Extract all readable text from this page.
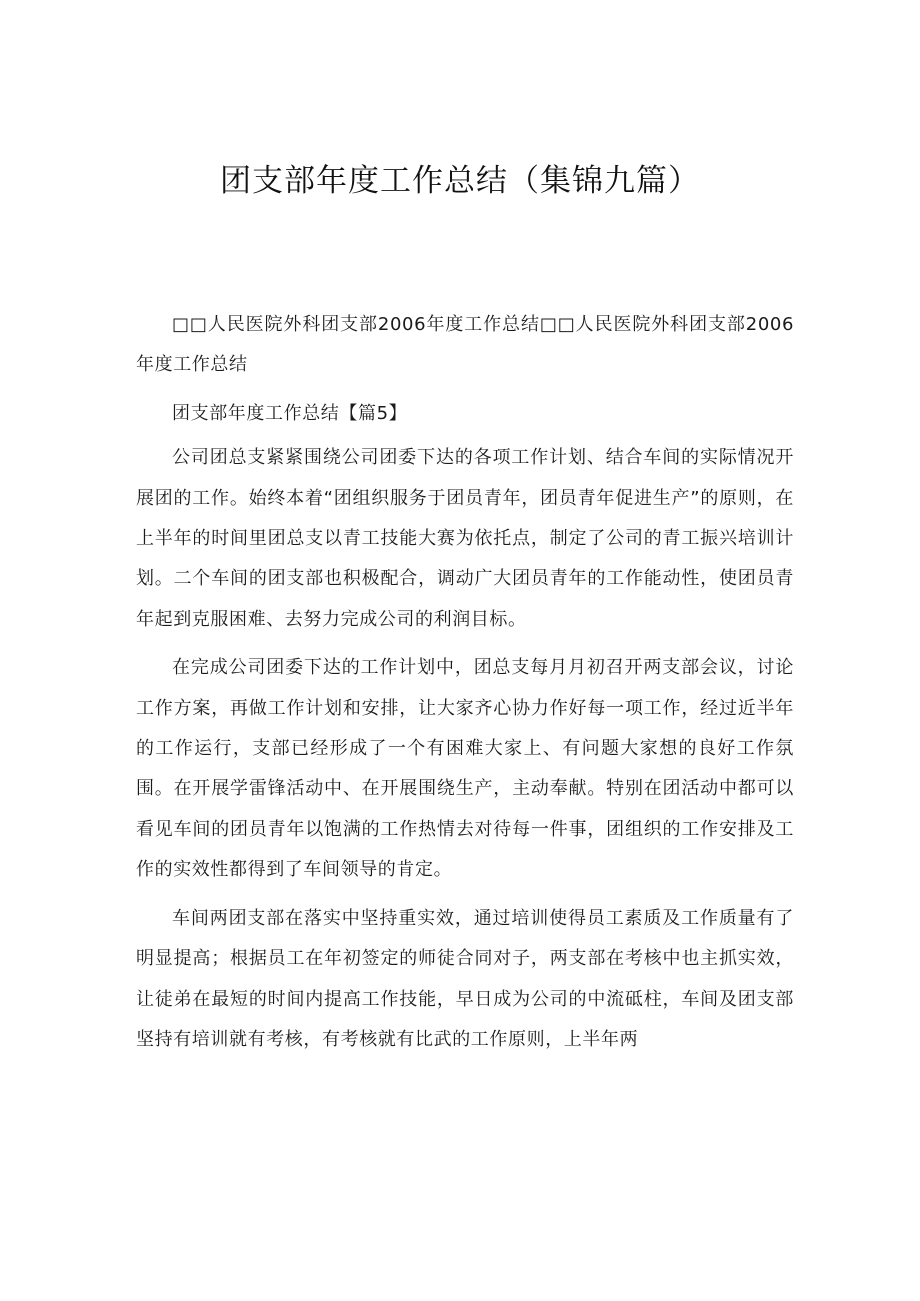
团支部年度工作总结（集锦九篇）

□□人民医院外科团支部2006年度工作总结□□人民医院外科团支部2006年度工作总结

团支部年度工作总结【篇5】

公司团总支紧紧围绕公司团委下达的各项工作计划、结合车间的实际情况开展团的工作。始终本着“团组织服务于团员青年，团员青年促进生产”的原则，在上半年的时间里团总支以青工技能大赛为依托点，制定了公司的青工振兴培训计划。二个车间的团支部也积极配合，调动广大团员青年的工作能动性，使团员青年起到克服困难、去努力完成公司的利润目标。

在完成公司团委下达的工作计划中，团总支每月月初召开两支部会议，讨论工作方案，再做工作计划和安排，让大家齐心协力作好每一项工作，经过近半年的工作运行，支部已经形成了一个有困难大家上、有问题大家想的良好工作氛围。在开展学雷锋活动中、在开展围绕生产，主动奉献。特别在团活动中都可以看见车间的团员青年以饱满的工作热情去对待每一件事，团组织的工作安排及工作的实效性都得到了车间领导的肯定。

车间两团支部在落实中坚持重实效，通过培训使得员工素质及工作质量有了明显提高；根据员工在年初签定的师徒合同对子，两支部在考核中也主抓实效，让徒弟在最短的时间内提高工作技能，早日成为公司的中流砥柱，车间及团支部坚持有培训就有考核，有考核就有比武的工作原则，上半年两
